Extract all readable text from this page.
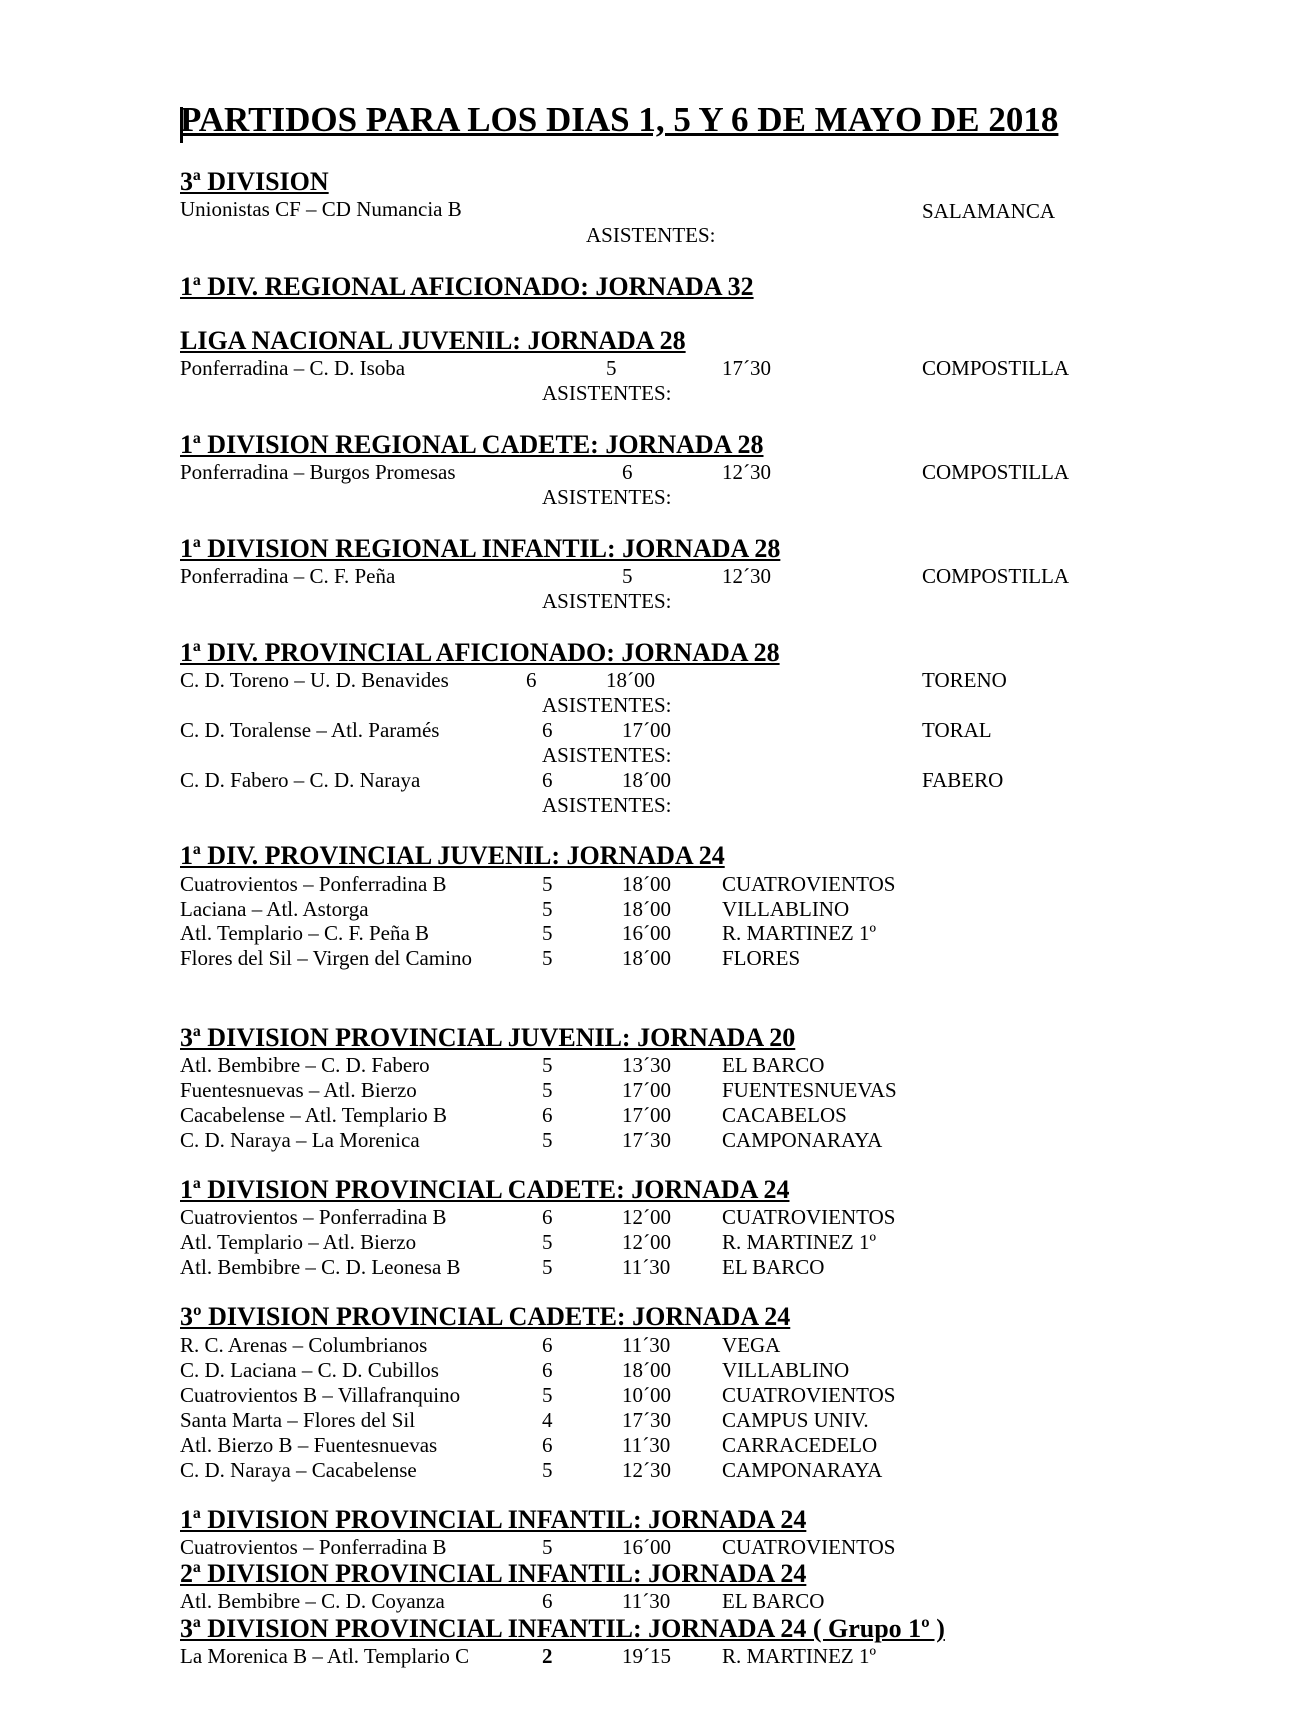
PARTIDOS PARA LOS DIAS 1, 5 Y 6 DE MAYO DE 2018
3ª DIVISION
Unionistas CF – CD Numancia B	SALAMANCA
ASISTENTES:
1ª DIV. REGIONAL AFICIONADO: JORNADA 32
LIGA NACIONAL JUVENIL: JORNADA 28
Ponferradina – C. D. Isoba	5	17´30	COMPOSTILLA
ASISTENTES:
1ª DIVISION REGIONAL CADETE: JORNADA 28
Ponferradina – Burgos Promesas	6	12´30	COMPOSTILLA
ASISTENTES:
1ª DIVISION REGIONAL INFANTIL: JORNADA 28
Ponferradina – C. F. Peña	5	12´30	COMPOSTILLA
ASISTENTES:
1ª DIV. PROVINCIAL AFICIONADO: JORNADA 28
C. D. Toreno – U. D. Benavides	6	18´00	TORENO
ASISTENTES:
C. D. Toralense – Atl. Paramés	6	17´00	TORAL
ASISTENTES:
C. D. Fabero – C. D. Naraya	6	18´00	FABERO
ASISTENTES:
1ª DIV. PROVINCIAL JUVENIL: JORNADA 24
Cuatrovientos – Ponferradina B	5	18´00 CUATROVIENTOS
Laciana – Atl. Astorga	5	18´00 VILLABLINO
Atl. Templario – C. F. Peña B	5	16´00 R. MARTINEZ 1º
Flores del Sil – Virgen del Camino	5	18´00 FLORES
3ª DIVISION PROVINCIAL JUVENIL: JORNADA 20
Atl. Bembibre – C. D. Fabero	5	13´30 EL BARCO
Fuentesnuevas – Atl. Bierzo	5	17´00 FUENTESNUEVAS
Cacabelense – Atl. Templario B	6	17´00 CACABELOS
C. D. Naraya – La Morenica	5	17´30 CAMPONARAYA
1ª DIVISION PROVINCIAL CADETE: JORNADA 24
Cuatrovientos – Ponferradina B	6	12´00 CUATROVIENTOS
Atl. Templario – Atl. Bierzo	5	12´00 R. MARTINEZ 1º
Atl. Bembibre – C. D. Leonesa B	5	11´30 EL BARCO
3º DIVISION PROVINCIAL CADETE: JORNADA 24
R. C. Arenas – Columbrianos	6	11´30 VEGA
C. D. Laciana – C. D. Cubillos	6	18´00 VILLABLINO
Cuatrovientos B – Villafranquino	5	10´00 CUATROVIENTOS
Santa Marta – Flores del Sil	4	17´30 CAMPUS UNIV.
Atl. Bierzo B – Fuentesnuevas	6	11´30 CARRACEDELO
C. D. Naraya – Cacabelense	5	12´30 CAMPONARAYA
1ª DIVISION PROVINCIAL INFANTIL: JORNADA 24
Cuatrovientos – Ponferradina B	5	16´00 CUATROVIENTOS
2ª DIVISION PROVINCIAL INFANTIL: JORNADA 24
Atl. Bembibre – C. D. Coyanza	6	11´30 EL BARCO
3ª DIVISION PROVINCIAL INFANTIL: JORNADA 24 ( Grupo 1º )
La Morenica B – Atl. Templario C	2	19´15 R. MARTINEZ 1º
